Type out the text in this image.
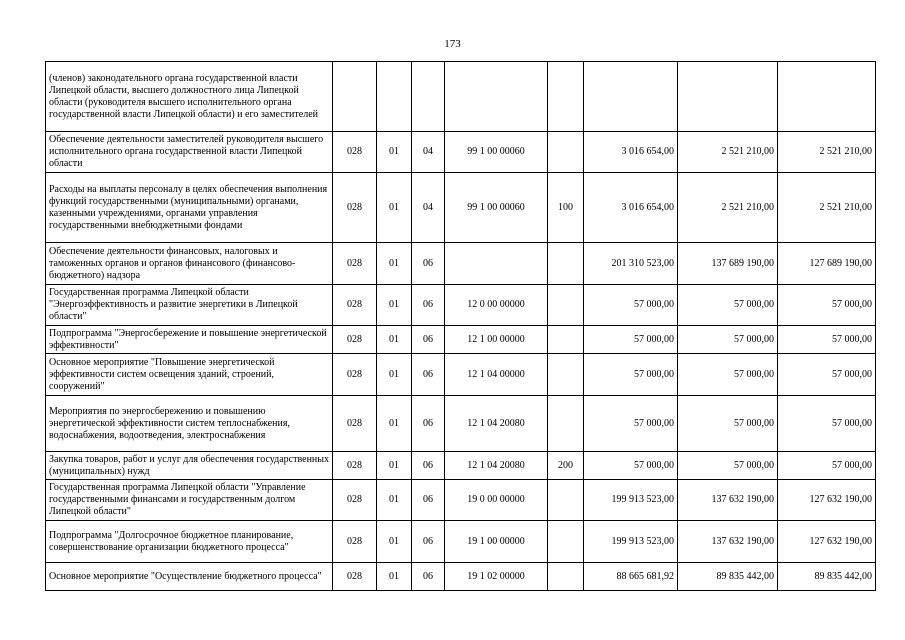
173
(членов) законодательного органа государственной власти Липецкой области, высшего должностного лица Липецкой области (руководителя высшего исполнительного органа государственной власти Липецкой области) и его заместителей								
Обеспечение деятельности заместителей руководителя высшего исполнительного органа государственной власти Липецкой области	028	01	04	99 1 00 00060		3 016 654,00	2 521 210,00	2 521 210,00
Расходы на выплаты персоналу в целях обеспечения выполнения функций государственными (муниципальными) органами, казенными учреждениями, органами управления государственными внебюджетными фондами	028	01	04	99 1 00 00060	100	3 016 654,00	2 521 210,00	2 521 210,00
Обеспечение деятельности финансовых, налоговых и таможенных органов и органов финансового (финансово-бюджетного) надзора	028	01	06			201 310 523,00	137 689 190,00	127 689 190,00
Государственная программа Липецкой области "Энергоэффективность и развитие энергетики в Липецкой области"	028	01	06	12 0 00 00000		57 000,00	57 000,00	57 000,00
Подпрограмма "Энергосбережение и повышение энергетической эффективности"	028	01	06	12 1 00 00000		57 000,00	57 000,00	57 000,00
Основное мероприятие "Повышение энергетической эффективности систем освещения зданий, строений, сооружений"	028	01	06	12 1 04 00000		57 000,00	57 000,00	57 000,00
Мероприятия по энергосбережению и повышению энергетической эффективности систем теплоснабжения, водоснабжения, водоотведения, электроснабжения	028	01	06	12 1 04 20080		57 000,00	57 000,00	57 000,00
Закупка товаров, работ и услуг для обеспечения государственных (муниципальных) нужд	028	01	06	12 1 04 20080	200	57 000,00	57 000,00	57 000,00
Государственная программа Липецкой области "Управление государственными финансами и государственным долгом Липецкой области"	028	01	06	19 0 00 00000		199 913 523,00	137 632 190,00	127 632 190,00
Подпрограмма "Долгосрочное бюджетное планирование, совершенствование организации бюджетного процесса"	028	01	06	19 1 00 00000		199 913 523,00	137 632 190,00	127 632 190,00
Основное мероприятие "Осуществление бюджетного процесса"	028	01	06	19 1 02 00000		88 665 681,92	89 835 442,00	89 835 442,00
